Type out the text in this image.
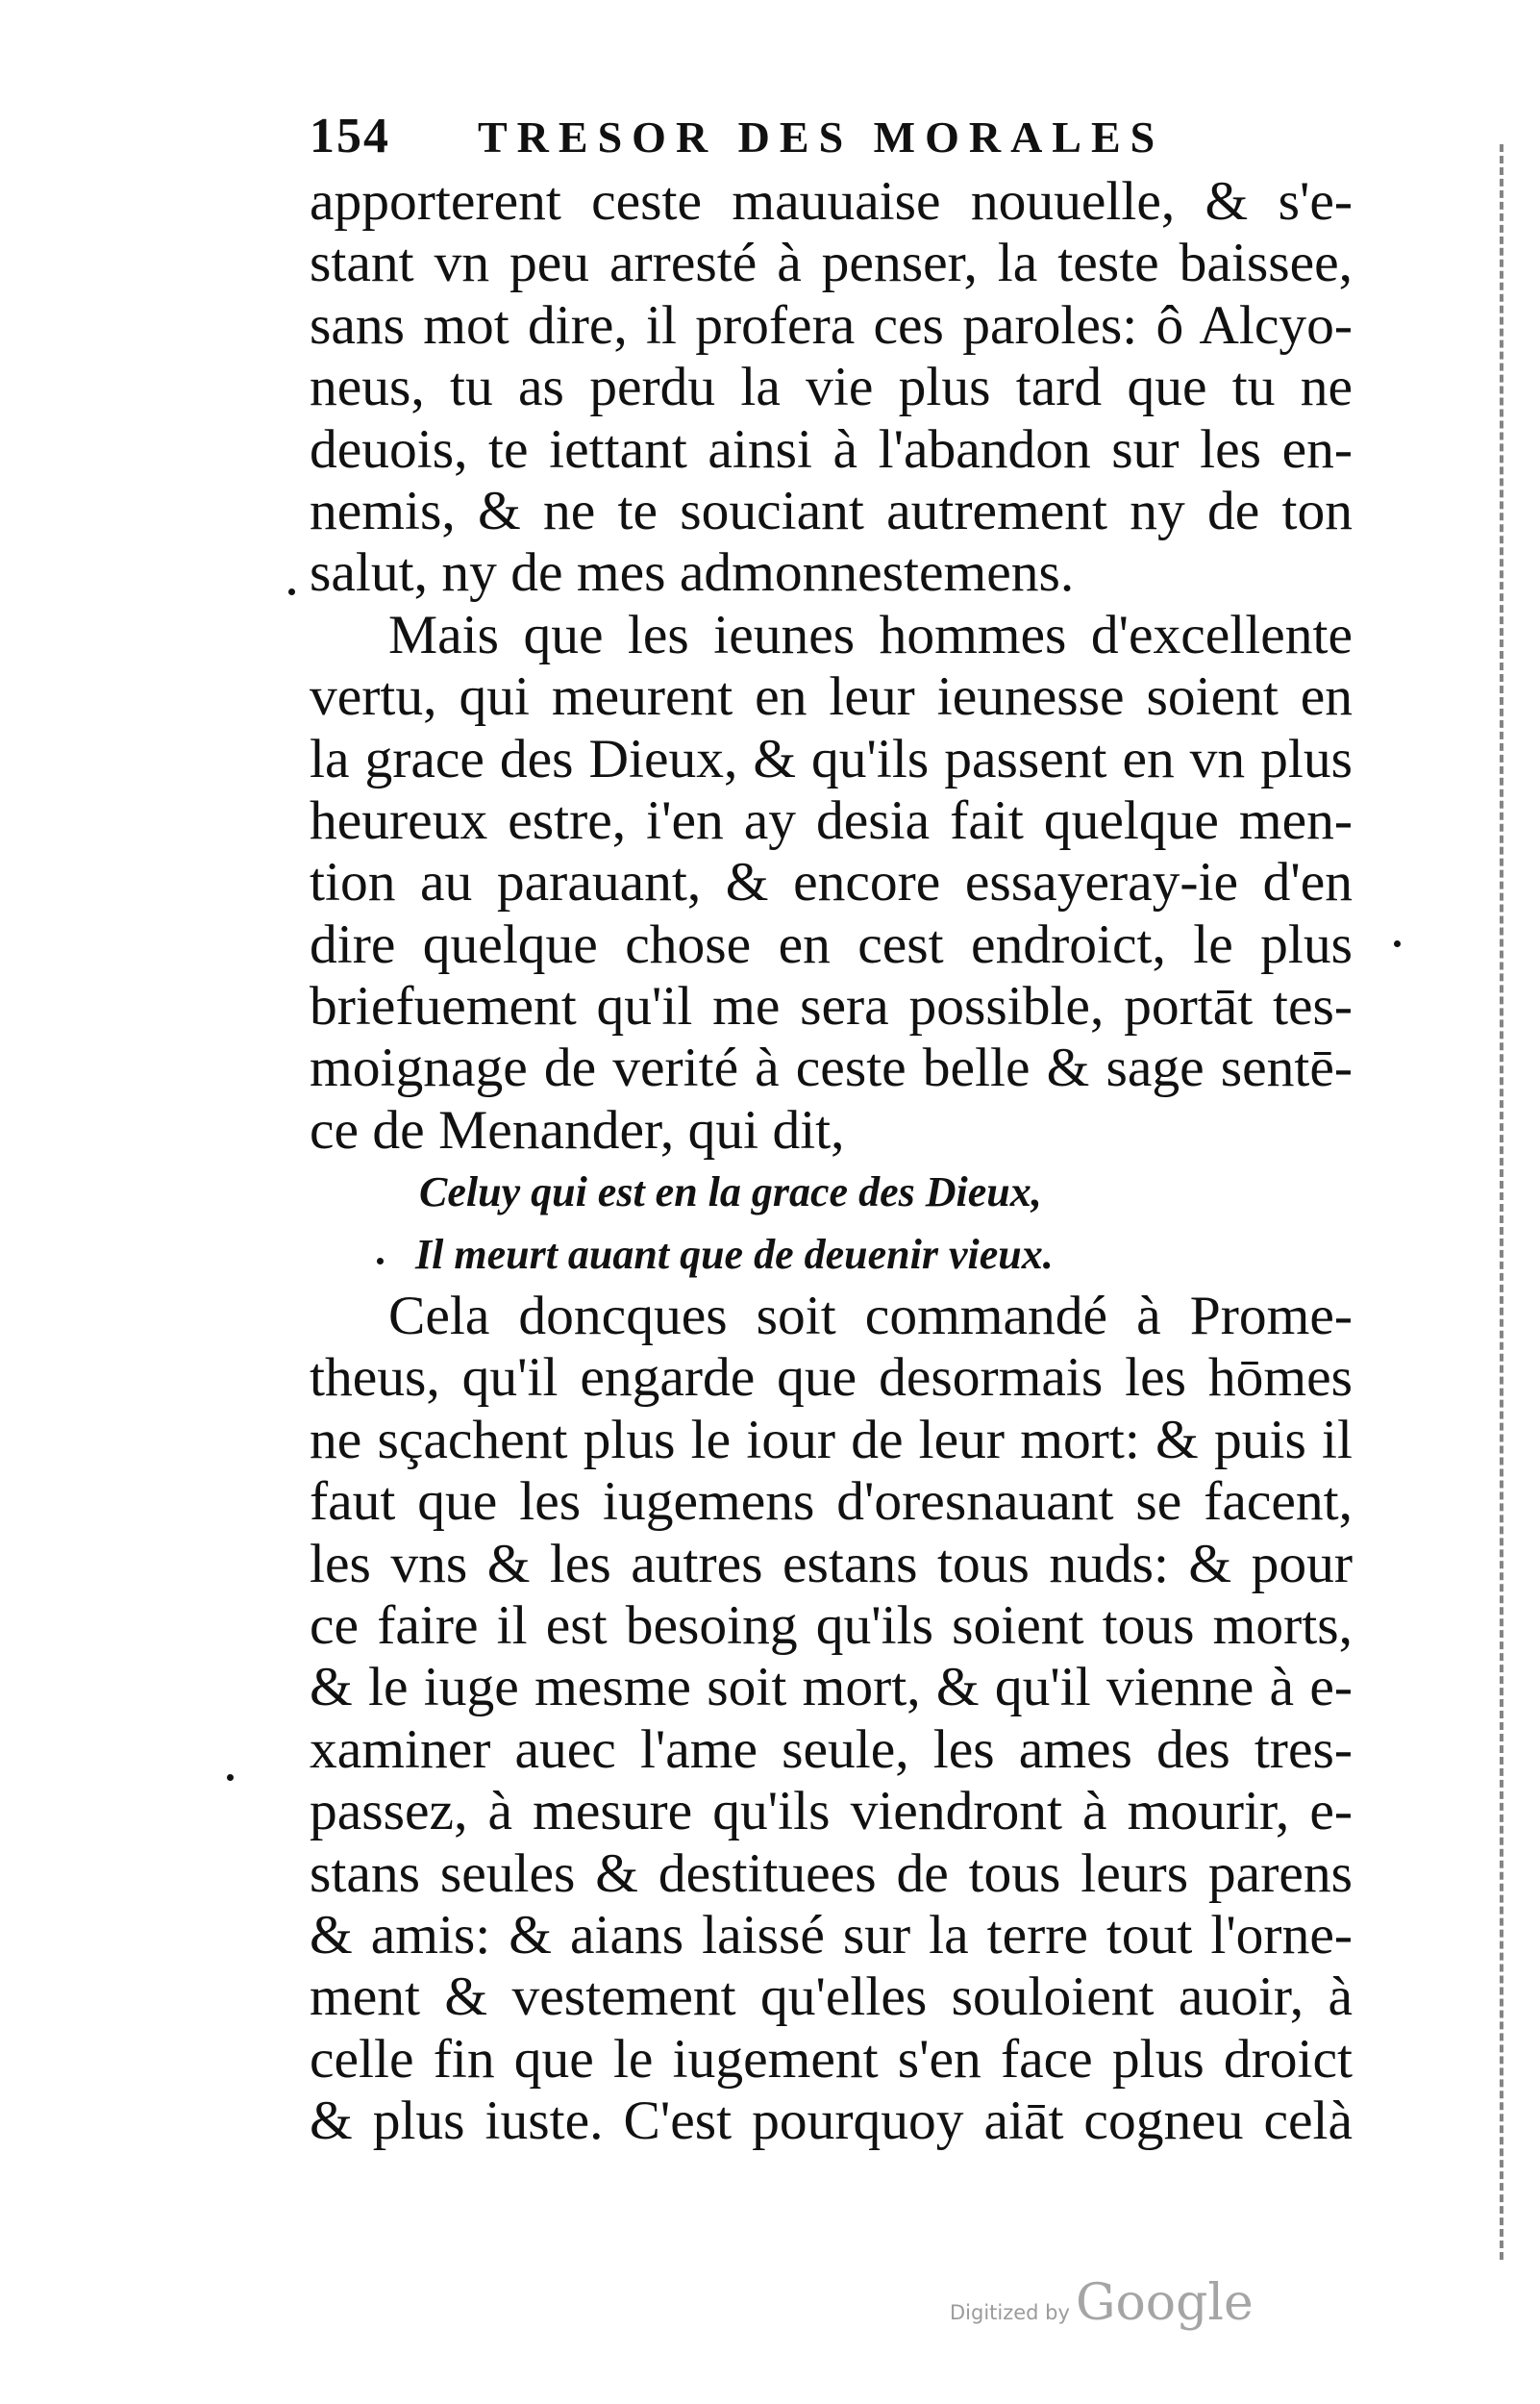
154	TRESOR DES MORALES
apporterent ceste mauuaise nouuelle, & s'e-
stant vn peu arresté à penser, la teste baissee,
sans mot dire, il profera ces paroles: ô Alcyo-
neus, tu as perdu la vie plus tard que tu ne
deuois, te iettant ainsi à l'abandon sur les en-
nemis, & ne te souciant autrement ny de ton
salut, ny de mes admonnestemens.
Mais que les ieunes hommes d'excellente
vertu, qui meurent en leur ieunesse soient en
la grace des Dieux, & qu'ils passent en vn plus
heureux estre, i'en ay desia fait quelque men-
tion au parauant, & encore essayeray-ie d'en
dire quelque chose en cest endroict, le plus
briefuement qu'il me sera possible, portāt tes-
moignage de verité à ceste belle & sage sentē-
ce de Menander, qui dit,
Celuy qui est en la grace des Dieux,
Il meurt auant que de deuenir vieux.
Cela doncques soit commandé à Prome-
theus, qu'il engarde que desormais les hōmes
ne sçachent plus le iour de leur mort: & puis il
faut que les iugemens d'oresnauant se facent,
les vns & les autres estans tous nuds: & pour
ce faire il est besoing qu'ils soient tous morts,
& le iuge mesme soit mort, & qu'il vienne à e-
xaminer auec l'ame seule, les ames des tres-
passez, à mesure qu'ils viendront à mourir, e-
stans seules & destituees de tous leurs parens
& amis: & aians laissé sur la terre tout l'orne-
ment & vestement qu'elles souloient auoir, à
celle fin que le iugement s'en face plus droict
& plus iuste. C'est pourquoy aiāt cogneu celà
Digitized by Google
